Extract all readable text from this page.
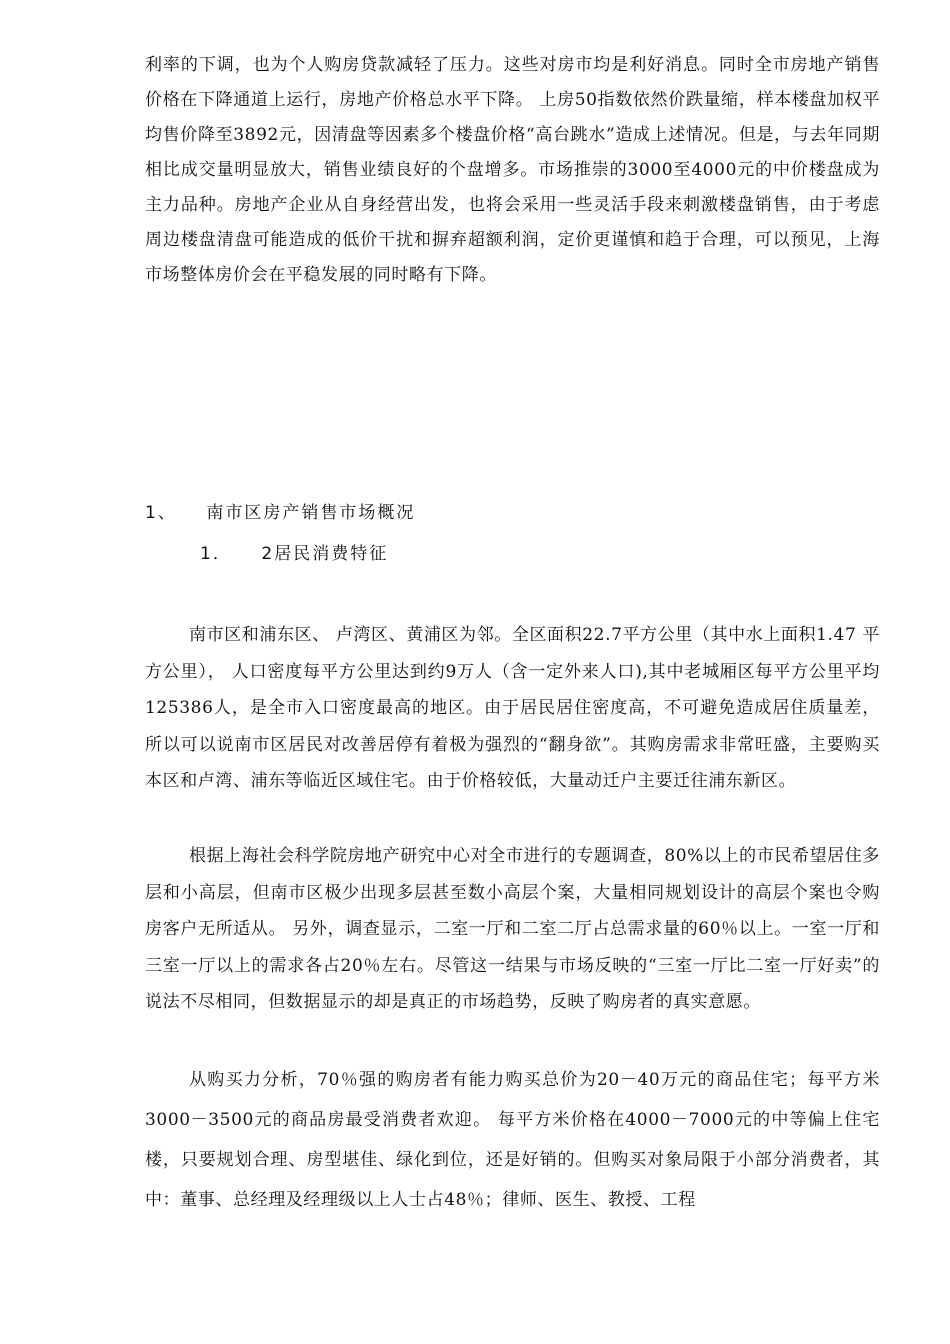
利率的下调，也为个人购房贷款减轻了压力。这些对房市均是利好消息。同时全市房地产销售价格在下降通道上运行，房地产价格总水平下降。 上房50指数依然价跌量缩，样本楼盘加权平均售价降至3892元，因清盘等因素多个楼盘价格“高台跳水”造成上述情况。但是，与去年同期相比成交量明显放大，销售业绩良好的个盘增多。市场推崇的3000至4000元的中价楼盘成为主力品种。房地产企业从自身经营出发，也将会采用一些灵活手段来刺激楼盘销售，由于考虑周边楼盘清盘可能造成的低价干扰和摒弃超额利润，定价更谨慎和趋于合理，可以预见，上海市场整体房价会在平稳发展的同时略有下降。
1、    南市区房产销售市场概况
1．    2居民消费特征
南市区和浦东区、 卢湾区、黄浦区为邻。全区面积22.7平方公里（其中水上面积1.47 平方公里）， 人口密度每平方公里达到约9万人（含一定外来人口),其中老城厢区每平方公里平均125386人，是全市入口密度最高的地区。由于居民居住密度高，不可避免造成居住质量差，所以可以说南市区居民对改善居停有着极为强烈的“翻身欲”。其购房需求非常旺盛，主要购买本区和卢湾、浦东等临近区域住宅。由于价格较低，大量动迁户主要迁往浦东新区。
根据上海社会科学院房地产研究中心对全市进行的专题调查，80%以上的市民希望居住多层和小高层，但南市区极少出现多层甚至数小高层个案，大量相同规划设计的高层个案也令购房客户无所适从。 另外，调查显示，二室一厅和二室二厅占总需求量的60％以上。一室一厅和三室一厅以上的需求各占20％左右。尽管这一结果与市场反映的“三室一厅比二室一厅好卖”的说法不尽相同，但数据显示的却是真正的市场趋势，反映了购房者的真实意愿。
从购买力分析，70％强的购房者有能力购买总价为20－40万元的商品住宅；每平方米3000－3500元的商品房最受消费者欢迎。 每平方米价格在4000－7000元的中等偏上住宅楼，只要规划合理、房型堪佳、绿化到位，还是好销的。但购买对象局限于小部分消费者，其中：董事、总经理及经理级以上人士占48％；律师、医生、教授、工程
